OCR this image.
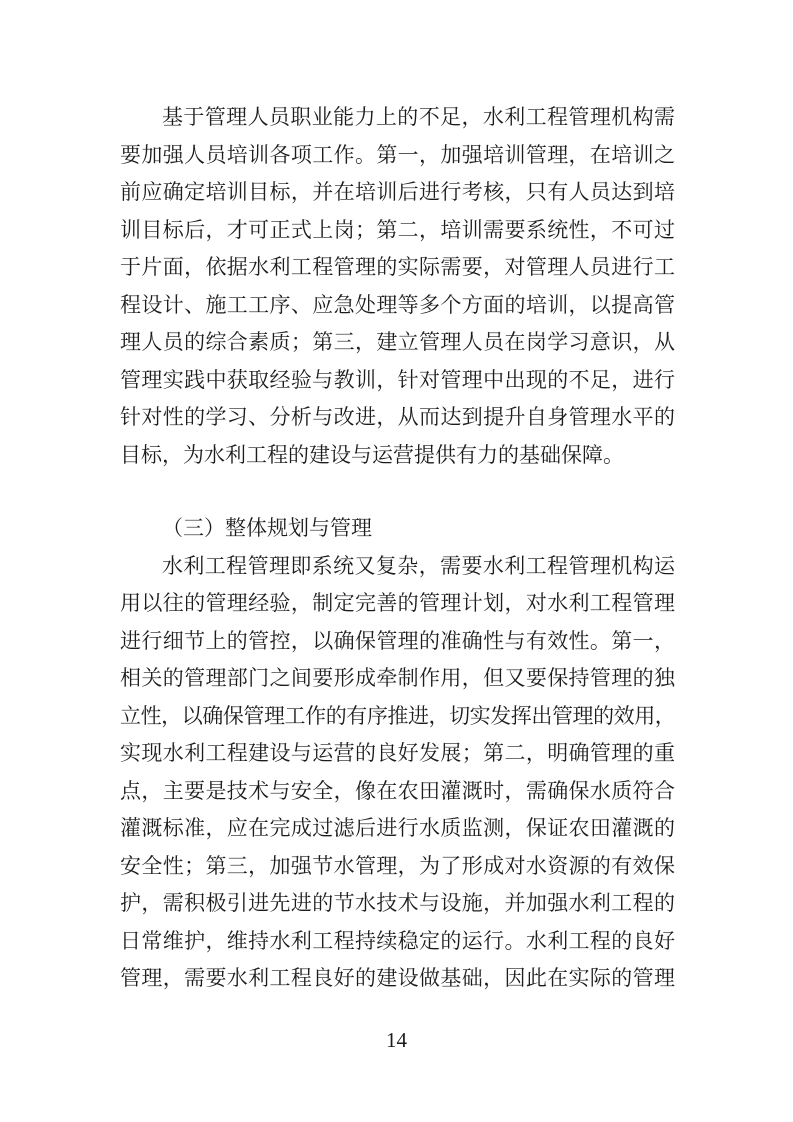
基于管理人员职业能力上的不足，水利工程管理机构需
要加强人员培训各项工作。第一，加强培训管理，在培训之
前应确定培训目标，并在培训后进行考核，只有人员达到培
训目标后，才可正式上岗；第二，培训需要系统性，不可过
于片面，依据水利工程管理的实际需要，对管理人员进行工
程设计、施工工序、应急处理等多个方面的培训，以提高管
理人员的综合素质；第三，建立管理人员在岗学习意识，从
管理实践中获取经验与教训，针对管理中出现的不足，进行
针对性的学习、分析与改进，从而达到提升自身管理水平的
目标，为水利工程的建设与运营提供有力的基础保障。
（三）整体规划与管理
水利工程管理即系统又复杂，需要水利工程管理机构运
用以往的管理经验，制定完善的管理计划，对水利工程管理
进行细节上的管控，以确保管理的准确性与有效性。第一，
相关的管理部门之间要形成牵制作用，但又要保持管理的独
立性，以确保管理工作的有序推进，切实发挥出管理的效用，
实现水利工程建设与运营的良好发展；第二，明确管理的重
点，主要是技术与安全，像在农田灌溉时，需确保水质符合
灌溉标准，应在完成过滤后进行水质监测，保证农田灌溉的
安全性；第三，加强节水管理，为了形成对水资源的有效保
护，需积极引进先进的节水技术与设施，并加强水利工程的
日常维护，维持水利工程持续稳定的运行。水利工程的良好
管理，需要水利工程良好的建设做基础，因此在实际的管理
14
